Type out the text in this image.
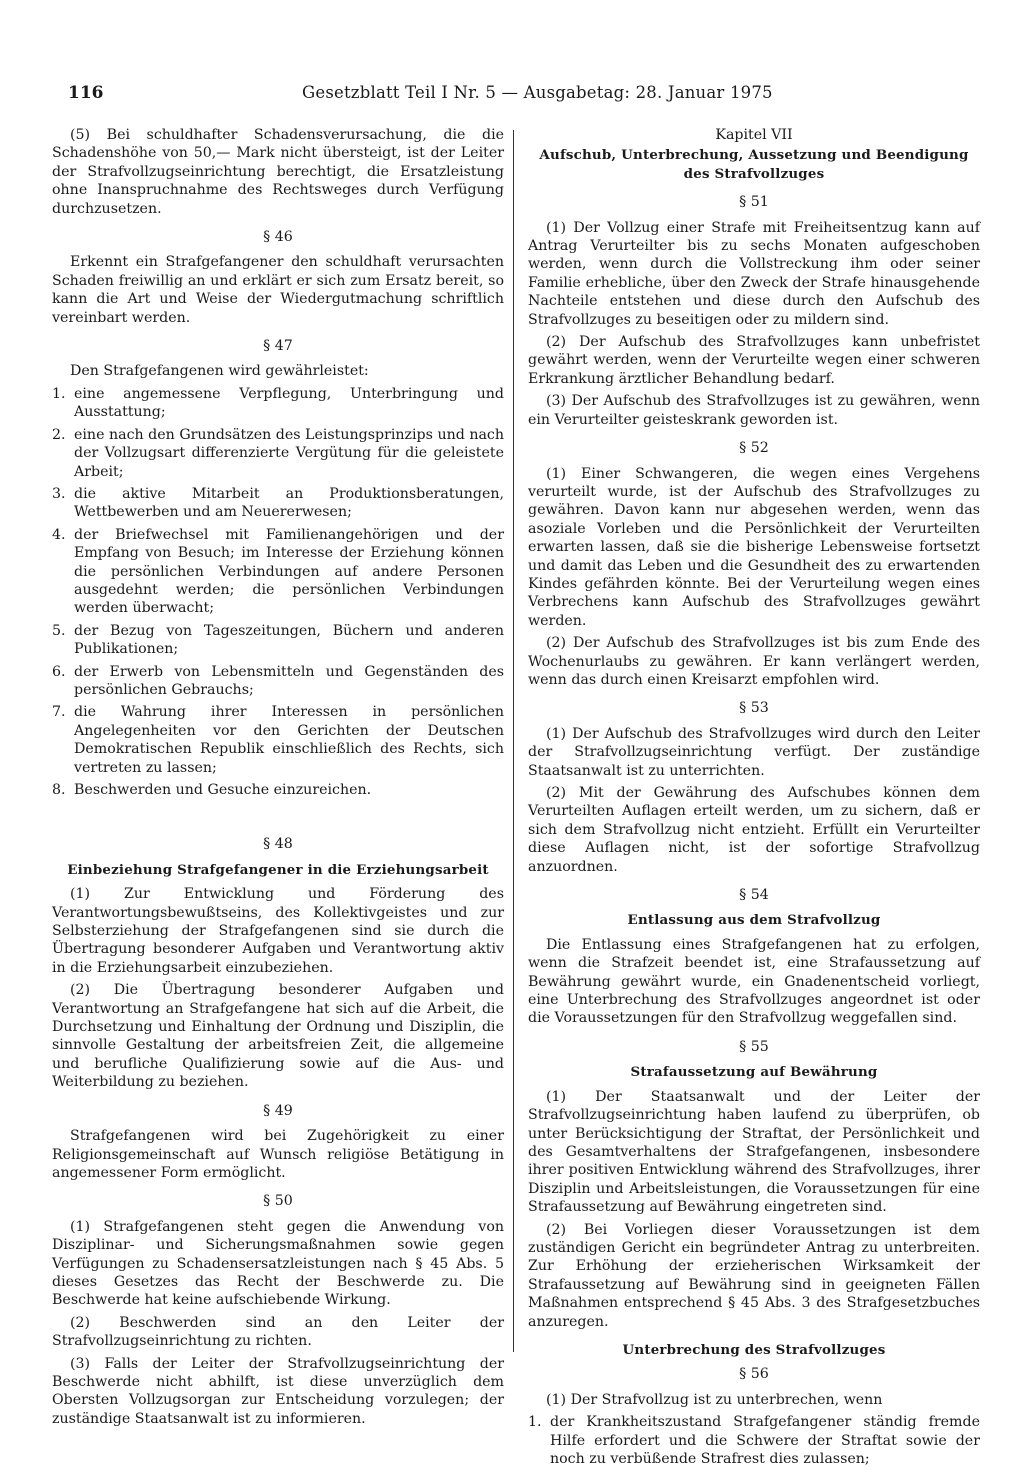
116	Gesetzblatt Teil I Nr. 5 — Ausgabetag: 28. Januar 1975

(5) Bei schuldhafter Schadensverursachung, die die Schadenshöhe von 50,— Mark nicht übersteigt, ist der Leiter der Strafvollzugseinrichtung berechtigt, die Ersatzleistung ohne Inanspruchnahme des Rechtsweges durch Verfügung durchzusetzen.

§ 46

Erkennt ein Strafgefangener den schuldhaft verursachten Schaden freiwillig an und erklärt er sich zum Ersatz bereit, so kann die Art und Weise der Wiedergutmachung schriftlich vereinbart werden.

§ 47

Den Strafgefangenen wird gewährleistet:

1. eine angemessene Verpflegung, Unterbringung und Ausstattung;
2. eine nach den Grundsätzen des Leistungsprinzips und nach der Vollzugsart differenzierte Vergütung für die geleistete Arbeit;
3. die aktive Mitarbeit an Produktionsberatungen, Wettbewerben und am Neuererwesen;
4. der Briefwechsel mit Familienangehörigen und der Empfang von Besuch; im Interesse der Erziehung können die persönlichen Verbindungen auf andere Personen ausgedehnt werden; die persönlichen Verbindungen werden überwacht;
5. der Bezug von Tageszeitungen, Büchern und anderen Publikationen;
6. der Erwerb von Lebensmitteln und Gegenständen des persönlichen Gebrauchs;
7. die Wahrung ihrer Interessen in persönlichen Angelegenheiten vor den Gerichten der Deutschen Demokratischen Republik einschließlich des Rechts, sich vertreten zu lassen;
8. Beschwerden und Gesuche einzureichen.

§ 48

Einbeziehung Strafgefangener in die Erziehungsarbeit

(1) Zur Entwicklung und Förderung des Verantwortungsbewußtseins, des Kollektivgeistes und zur Selbsterziehung der Strafgefangenen sind sie durch die Übertragung besonderer Aufgaben und Verantwortung aktiv in die Erziehungsarbeit einzubeziehen.

(2) Die Übertragung besonderer Aufgaben und Verantwortung an Strafgefangene hat sich auf die Arbeit, die Durchsetzung und Einhaltung der Ordnung und Disziplin, die sinnvolle Gestaltung der arbeitsfreien Zeit, die allgemeine und berufliche Qualifizierung sowie auf die Aus- und Weiterbildung zu beziehen.

§ 49

Strafgefangenen wird bei Zugehörigkeit zu einer Religionsgemeinschaft auf Wunsch religiöse Betätigung in angemessener Form ermöglicht.

§ 50

(1) Strafgefangenen steht gegen die Anwendung von Disziplinar- und Sicherungsmaßnahmen sowie gegen Verfügungen zu Schadensersatzleistungen nach § 45 Abs. 5 dieses Gesetzes das Recht der Beschwerde zu. Die Beschwerde hat keine aufschiebende Wirkung.

(2) Beschwerden sind an den Leiter der Strafvollzugseinrichtung zu richten.

(3) Falls der Leiter der Strafvollzugseinrichtung der Beschwerde nicht abhilft, ist diese unverzüglich dem Obersten Vollzugsorgan zur Entscheidung vorzulegen; der zuständige Staatsanwalt ist zu informieren.

Kapitel VII

Aufschub, Unterbrechung, Aussetzung und Beendigung des Strafvollzuges

§ 51

(1) Der Vollzug einer Strafe mit Freiheitsentzug kann auf Antrag Verurteilter bis zu sechs Monaten aufgeschoben werden, wenn durch die Vollstreckung ihm oder seiner Familie erhebliche, über den Zweck der Strafe hinausgehende Nachteile entstehen und diese durch den Aufschub des Strafvollzuges zu beseitigen oder zu mildern sind.

(2) Der Aufschub des Strafvollzuges kann unbefristet gewährt werden, wenn der Verurteilte wegen einer schweren Erkrankung ärztlicher Behandlung bedarf.

(3) Der Aufschub des Strafvollzuges ist zu gewähren, wenn ein Verurteilter geisteskrank geworden ist.

§ 52

(1) Einer Schwangeren, die wegen eines Vergehens verurteilt wurde, ist der Aufschub des Strafvollzuges zu gewähren. Davon kann nur abgesehen werden, wenn das asoziale Vorleben und die Persönlichkeit der Verurteilten erwarten lassen, daß sie die bisherige Lebensweise fortsetzt und damit das Leben und die Gesundheit des zu erwartenden Kindes gefährden könnte. Bei der Verurteilung wegen eines Verbrechens kann Aufschub des Strafvollzuges gewährt werden.

(2) Der Aufschub des Strafvollzuges ist bis zum Ende des Wochenurlaubs zu gewähren. Er kann verlängert werden, wenn das durch einen Kreisarzt empfohlen wird.

§ 53

(1) Der Aufschub des Strafvollzuges wird durch den Leiter der Strafvollzugseinrichtung verfügt. Der zuständige Staatsanwalt ist zu unterrichten.

(2) Mit der Gewährung des Aufschubes können dem Verurteilten Auflagen erteilt werden, um zu sichern, daß er sich dem Strafvollzug nicht entzieht. Erfüllt ein Verurteilter diese Auflagen nicht, ist der sofortige Strafvollzug anzuordnen.

§ 54

Entlassung aus dem Strafvollzug

Die Entlassung eines Strafgefangenen hat zu erfolgen, wenn die Strafzeit beendet ist, eine Strafaussetzung auf Bewährung gewährt wurde, ein Gnadenentscheid vorliegt, eine Unterbrechung des Strafvollzuges angeordnet ist oder die Voraussetzungen für den Strafvollzug weggefallen sind.

§ 55

Strafaussetzung auf Bewährung

(1) Der Staatsanwalt und der Leiter der Strafvollzugseinrichtung haben laufend zu überprüfen, ob unter Berücksichtigung der Straftat, der Persönlichkeit und des Gesamtverhaltens der Strafgefangenen, insbesondere ihrer positiven Entwicklung während des Strafvollzuges, ihrer Disziplin und Arbeitsleistungen, die Voraussetzungen für eine Strafaussetzung auf Bewährung eingetreten sind.

(2) Bei Vorliegen dieser Voraussetzungen ist dem zuständigen Gericht ein begründeter Antrag zu unterbreiten. Zur Erhöhung der erzieherischen Wirksamkeit der Strafaussetzung auf Bewährung sind in geeigneten Fällen Maßnahmen entsprechend § 45 Abs. 3 des Strafgesetzbuches anzuregen.

Unterbrechung des Strafvollzuges

§ 56

(1) Der Strafvollzug ist zu unterbrechen, wenn

1. der Krankheitszustand Strafgefangener ständig fremde Hilfe erfordert und die Schwere der Straftat sowie der noch zu verbüßende Strafrest dies zulassen;
